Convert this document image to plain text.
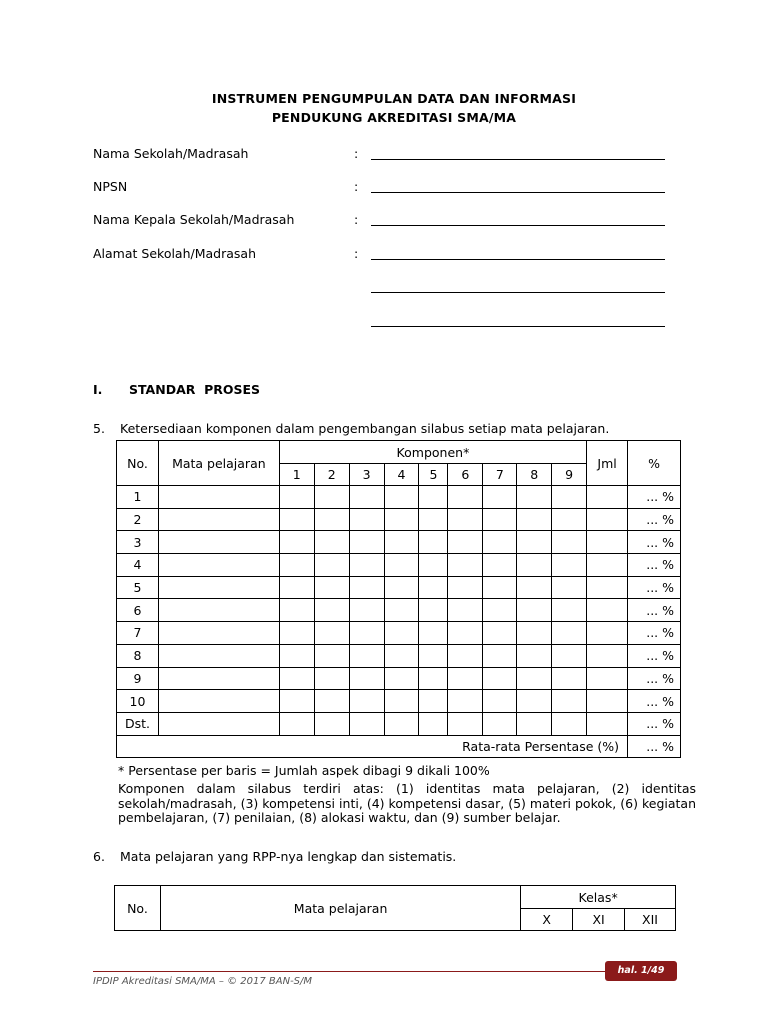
INSTRUMEN PENGUMPULAN DATA DAN INFORMASI
PENDUKUNG AKREDITASI SMA/MA
Nama Sekolah/Madrasah	:
NPSN	:
Nama Kepala Sekolah/Madrasah	:
Alamat Sekolah/Madrasah	:
I. STANDAR  PROSES
5. Ketersediaan komponen dalam pengembangan silabus setiap mata pelajaran.
No.	Mata pelajaran	Komponen*									Jml	%
		1	2	3	4	5	6	7	8	9		
1												... %
2												... %
3												... %
4												... %
5												... %
6												... %
7												... %
8												... %
9												... %
10												... %
Dst.												... %
Rata-rata Persentase (%)												... %
* Persentase per baris = Jumlah aspek dibagi 9 dikali 100%
Komponen dalam silabus terdiri atas: (1) identitas mata pelajaran, (2) identitas sekolah/madrasah, (3) kompetensi inti, (4) kompetensi dasar, (5) materi pokok, (6) kegiatan pembelajaran, (7) penilaian, (8) alokasi waktu, dan (9) sumber belajar.
6. Mata pelajaran yang RPP-nya lengkap dan sistematis.
No.	Mata pelajaran	Kelas*		
		X	XI	XII
hal. 1/49
IPDIP Akreditasi SMA/MA – © 2017 BAN-S/M
